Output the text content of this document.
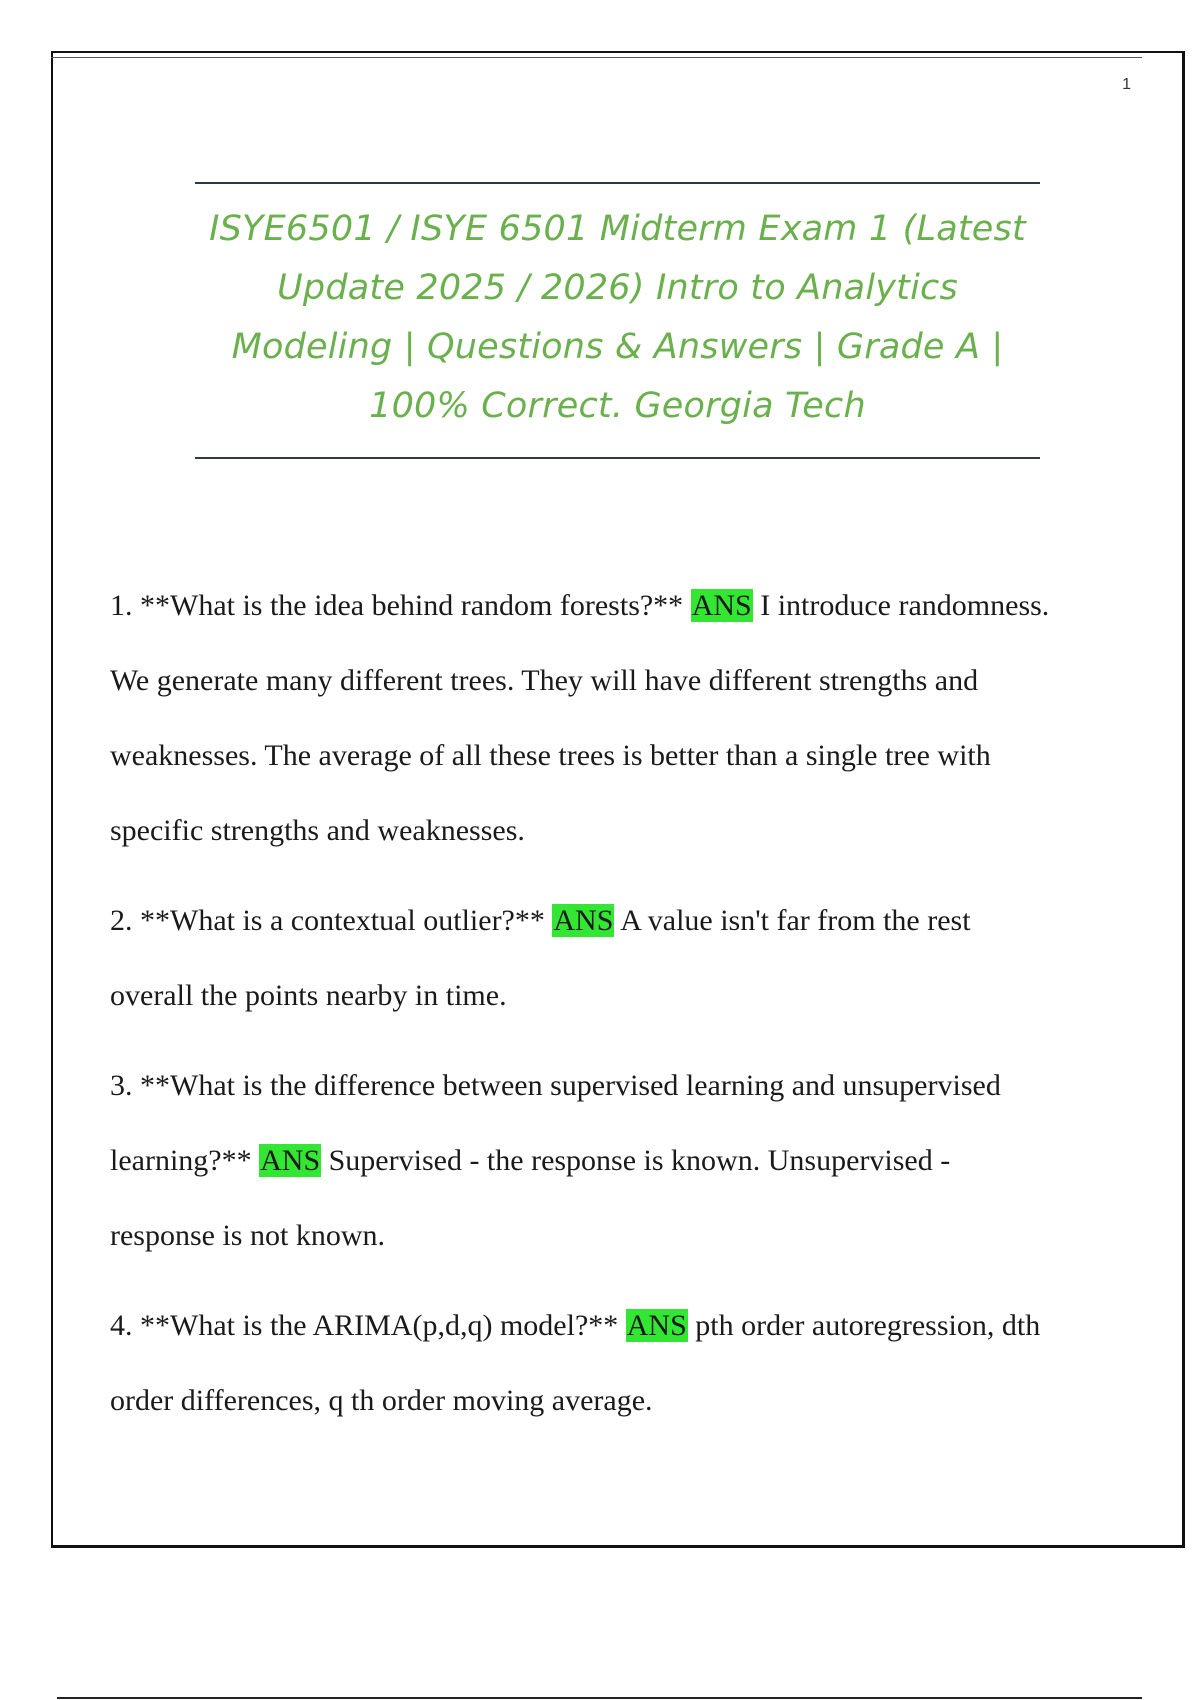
1
ISYE6501 / ISYE 6501 Midterm Exam 1 (Latest
Update 2025 / 2026) Intro to Analytics
Modeling | Questions & Answers | Grade A |
100% Correct. Georgia Tech
1. **What is the idea behind random forests?** ANS I introduce randomness.
We generate many different trees. They will have different strengths and
weaknesses. The average of all these trees is better than a single tree with
specific strengths and weaknesses.
2. **What is a contextual outlier?** ANS A value isn't far from the rest
overall the points nearby in time.
3. **What is the difference between supervised learning and unsupervised
learning?** ANS Supervised - the response is known. Unsupervised -
response is not known.
4. **What is the ARIMA(p,d,q) model?** ANS pth order autoregression, dth
order differences, q th order moving average.
